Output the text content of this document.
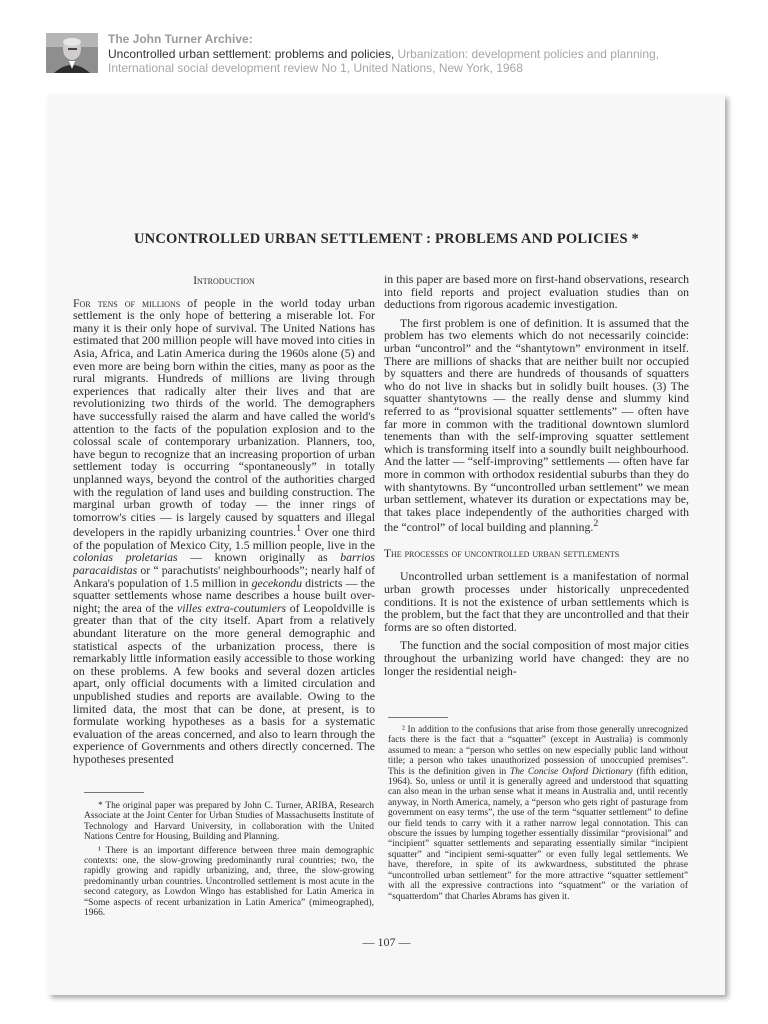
The John Turner Archive:
Uncontrolled urban settlement: problems and policies, Urbanization: development policies and planning,
International social development review No 1, United Nations, New York, 1968
UNCONTROLLED URBAN SETTLEMENT : PROBLEMS AND POLICIES *
Introduction

For tens of millions of people in the world today urban settlement is the only hope of bettering a miserable lot. For many it is their only hope of survival. The United Nations has estimated that 200 million people will have moved into cities in Asia, Africa, and Latin America during the 1960s alone (5) and even more are being born within the cities, many as poor as the rural migrants. Hundreds of millions are living through experiences that radically alter their lives and that are revolutionizing two thirds of the world. The demographers have successfully raised the alarm and have called the world's attention to the facts of the population explosion and to the colossal scale of contemporary urbanization. Planners, too, have begun to recognize that an increasing proportion of urban settlement today is occurring “spontaneously” in totally unplanned ways, beyond the control of the authorities charged with the regulation of land uses and building construction. The marginal urban growth of today — the inner rings of tomorrow's cities — is largely caused by squatters and illegal developers in the rapidly urbanizing countries.$^1$ Over one third of the population of Mexico City, 1.5 million people, live in the colonias proletarias — known originally as barrios paracaidistas or “ parachutists' neighbourhoods”; nearly half of Ankara's population of 1.5 million in gecekondu districts — the squatter settlements whose name describes a house built over-night; the area of the villes extra-coutumiers of Leopoldville is greater than that of the city itself. Apart from a relatively abundant literature on the more general demographic and statistical aspects of the urbanization process, there is remarkably little information easily accessible to those working on these problems. A few books and several dozen articles apart, only official documents with a limited circulation and unpublished studies and reports are available. Owing to the limited data, the most that can be done, at present, is to formulate working hypotheses as a basis for a systematic evaluation of the areas concerned, and also to learn through the experience of Governments and others directly concerned. The hypotheses presented

in this paper are based more on first-hand observations, research into field reports and project evaluation studies than on deductions from rigorous academic investigation.

The first problem is one of definition. It is assumed that the problem has two elements which do not necessarily coincide: urban “uncontrol” and the “shantytown” environment in itself. There are millions of shacks that are neither built nor occupied by squatters and there are hundreds of thousands of squatters who do not live in shacks but in solidly built houses. (3) The squatter shantytowns — the really dense and slummy kind referred to as “provisional squatter settlements” — often have far more in common with the traditional downtown slumlord tenements than with the self-improving squatter settlement which is transforming itself into a soundly built neighbourhood. And the latter — “self-improving” settlements — often have far more in common with orthodox residential suburbs than they do with shantytowns. By “uncontrolled urban settlement” we mean urban settlement, whatever its duration or expectations may be, that takes place independently of the authorities charged with the “control” of local building and planning.$^2$

The processes of uncontrolled urban settlements

Uncontrolled urban settlement is a manifestation of normal urban growth processes under historically unprecedented conditions. It is not the existence of urban settlements which is the problem, but the fact that they are uncontrolled and that their forms are so often distorted.

The function and the social composition of most major cities throughout the urbanizing world have changed: they are no longer the residential neigh-

* The original paper was prepared by John C. Turner, ARIBA, Research Associate at the Joint Center for Urban Studies of Massachusetts Institute of Technology and Harvard University, in collaboration with the United Nations Centre for Housing, Building and Planning.

¹ There is an important difference between three main demographic contexts: one, the slow-growing predominantly rural countries; two, the rapidly growing and rapidly urbanizing, and, three, the slow-growing predominantly urban countries. Uncontrolled settlement is most acute in the second category, as Lowdon Wingo has established for Latin America in “Some aspects of recent urbanization in Latin America” (mimeographed), 1966.

² In addition to the confusions that arise from those generally unrecognized facts there is the fact that a “squatter” (except in Australia) is commonly assumed to mean: a “person who settles on new especially public land without title; a person who takes unauthorized possession of unoccupied premises”. This is the definition given in The Concise Oxford Dictionary (fifth edition, 1964). So, unless or until it is generally agreed and understood that squatting can also mean in the urban sense what it means in Australia and, until recently anyway, in North America, namely, a “person who gets right of pasturage from government on easy terms”, the use of the term “squatter settlement” to define our field tends to carry with it a rather narrow legal connotation. This can obscure the issues by lumping together essentially dissimilar “provisional” and “incipient” squatter settlements and separating essentially similar “incipient squatter” and “incipient semi-squatter” or even fully legal settlements. We have, therefore, in spite of its awkwardness, substituted the phrase “uncontrolled urban settlement” for the more attractive “squatter settlement” with all the expressive contractions into “squatment” or the variation of “squatterdom” that Charles Abrams has given it.

— 107 —
